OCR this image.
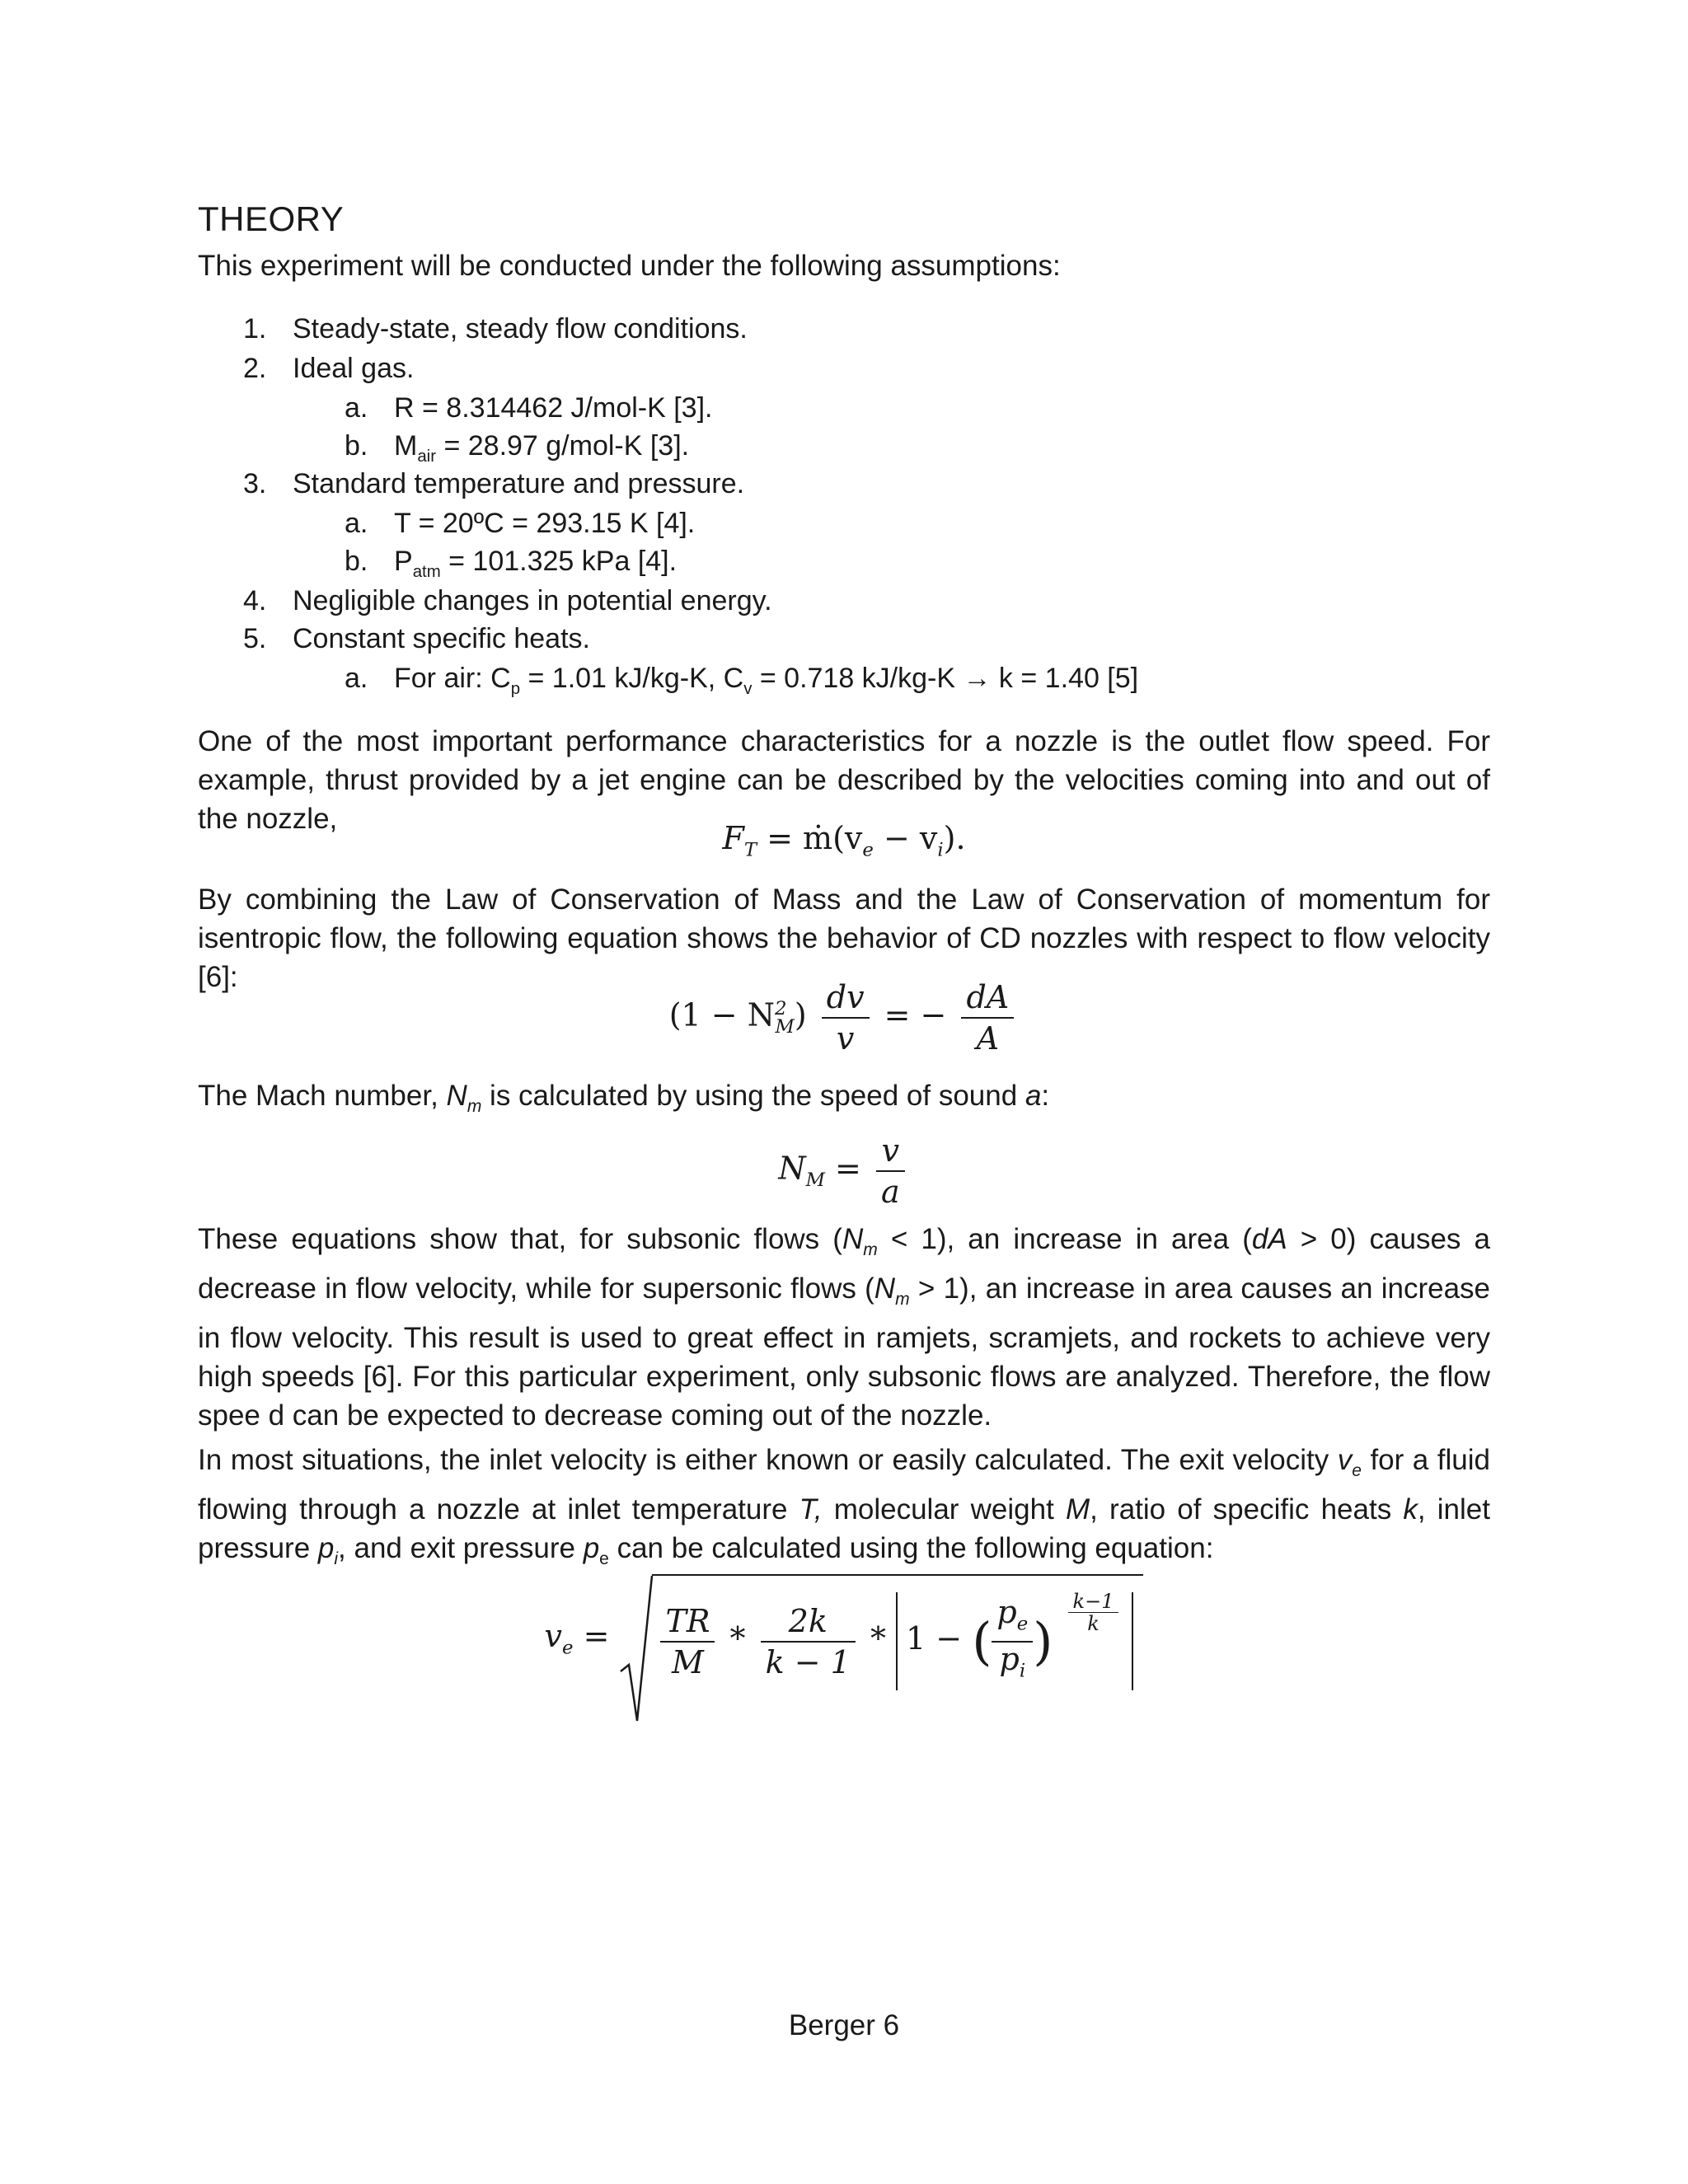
THEORY

This experiment will be conducted under the following assumptions:

1. Steady-state, steady flow conditions.
2. Ideal gas.
a. R = 8.314462 J/mol-K [3].
b. $M_{air} = 28.97$ g/mol-K [3].
3. Standard temperature and pressure.
a. T = 20ºC = 293.15 K [4].
b. $P_{atm} = 101.325$ kPa [4].
4. Negligible changes in potential energy.
5. Constant specific heats.
a. For air: $C_p = 1.01$ kJ/kg-K, $C_v = 0.718$ kJ/kg-K → k = 1.40 [5]

One of the most important performance characteristics for a nozzle is the outlet flow speed. For example, thrust provided by a jet engine can be described by the velocities coming into and out of the nozzle,

$F_T$ = $ṁ(v_e - v_i)$.

By combining the Law of Conservation of Mass and the Law of Conservation of momentum for isentropic flow, the following equation shows the behavior of CD nozzles with respect to flow velocity [6]:

$(1 - N^2_M) \frac{dv}{v}$ = − $\frac{dA}{A}$

The Mach number, $N_m$ is calculated by using the speed of sound a:

$N_M = \frac{v}{a}$

These equations show that, for subsonic flows $(N_m < 1)$, an increase in area (dA > 0) causes a decrease in flow velocity, while for supersonic flows $(N_m > 1)$, an increase in area causes an increase in flow velocity. This result is used to great effect in ramjets, scramjets, and rockets to achieve very high speeds [6]. For this particular experiment, only subsonic flows are analyzed. Therefore, the flow spee d can be expected to decrease coming out of the nozzle.

In most situations, the inlet velocity is either known or easily calculated. The exit velocity $v_e$ for a fluid flowing through a nozzle at inlet temperature T, molecular weight M, ratio of specific heats k, inlet pressure $p_i$, and exit pressure $p_e$ can be calculated using the following equation:

$v_e = \frac{TR}{M} * \frac{2k}{k - 1} * 1$ − ( $\frac{p_e}{p_i}$ ) $\frac{k-1}{k}$
Berger 6
